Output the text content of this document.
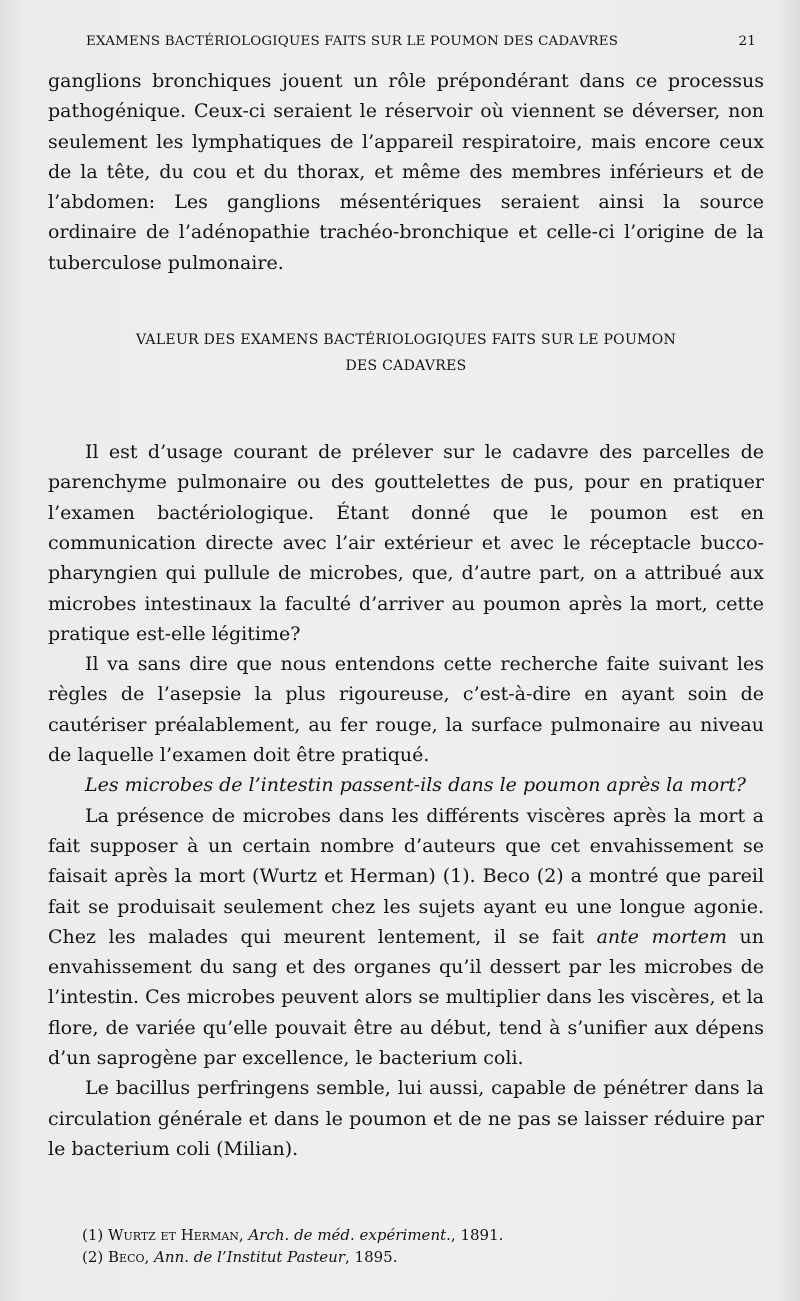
EXAMENS BACTÉRIOLOGIQUES FAITS SUR LE POUMON DES CADAVRES	21

ganglions bronchiques jouent un rôle prépondérant dans ce processus pathogénique. Ceux-ci seraient le réservoir où viennent se déverser, non seulement les lymphatiques de l’appareil respiratoire, mais encore ceux de la tête, du cou et du thorax, et même des membres inférieurs et de l’abdomen: Les ganglions mésentériques seraient ainsi la source ordinaire de l’adénopathie trachéo-bronchique et celle-ci l’origine de la tuberculose pulmonaire.

VALEUR DES EXAMENS BACTÉRIOLOGIQUES FAITS SUR LE POUMON
DES CADAVRES

Il est d’usage courant de prélever sur le cadavre des parcelles de parenchyme pulmonaire ou des gouttelettes de pus, pour en pratiquer l’examen bactériologique. Étant donné que le poumon est en communication directe avec l’air extérieur et avec le réceptacle bucco-pharyngien qui pullule de microbes, que, d’autre part, on a attribué aux microbes intestinaux la faculté d’arriver au poumon après la mort, cette pratique est-elle légitime?

Il va sans dire que nous entendons cette recherche faite suivant les règles de l’asepsie la plus rigoureuse, c’est-à-dire en ayant soin de cautériser préalablement, au fer rouge, la surface pulmonaire au niveau de laquelle l’examen doit être pratiqué.

Les microbes de l’intestin passent-ils dans le poumon après la mort?

La présence de microbes dans les différents viscères après la mort a fait supposer à un certain nombre d’auteurs que cet envahissement se faisait après la mort (Wurtz et Herman) (1). Beco (2) a montré que pareil fait se produisait seulement chez les sujets ayant eu une longue agonie. Chez les malades qui meurent lentement, il se fait ante mortem un envahissement du sang et des organes qu’il dessert par les microbes de l’intestin. Ces microbes peuvent alors se multiplier dans les viscères, et la flore, de variée qu’elle pouvait être au début, tend à s’unifier aux dépens d’un saprogène par excellence, le bacterium coli.

Le bacillus perfringens semble, lui aussi, capable de pénétrer dans la circulation générale et dans le poumon et de ne pas se laisser réduire par le bacterium coli (Milian).

(1) Wurtz et Herman, Arch. de méd. expériment., 1891.

(2) Beco, Ann. de l’Institut Pasteur, 1895.
